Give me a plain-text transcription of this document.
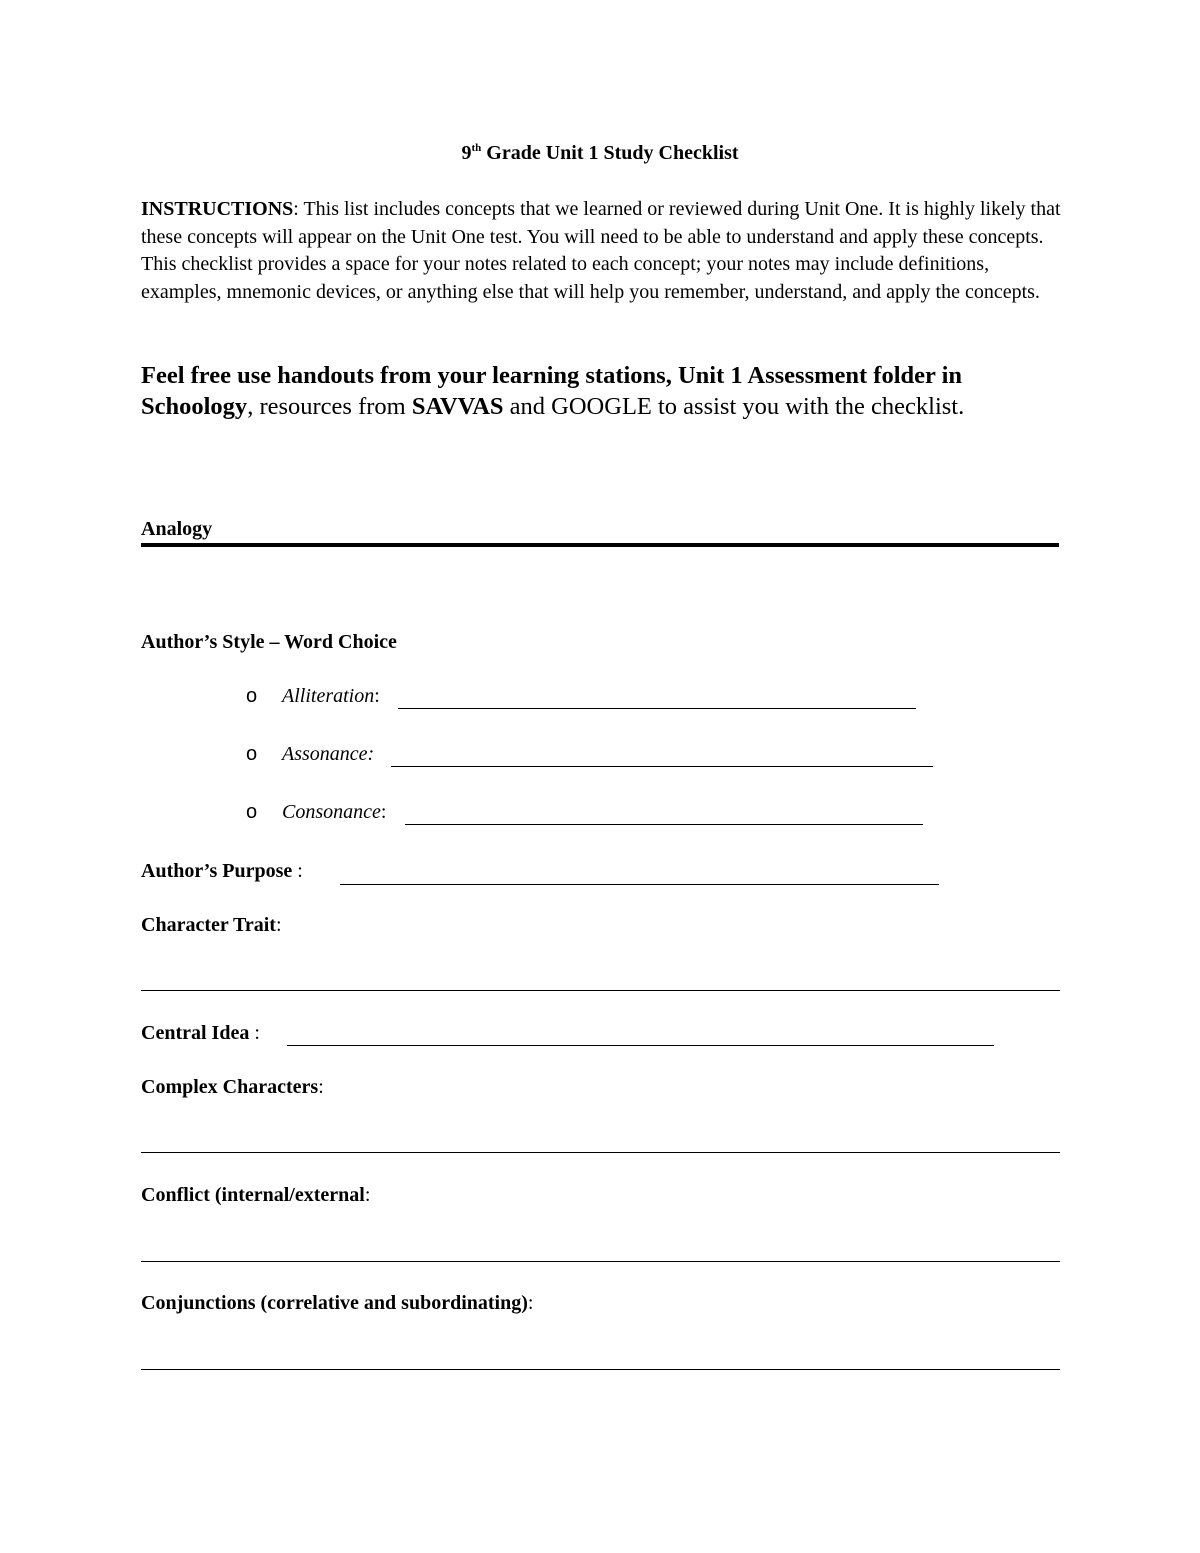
9th Grade Unit 1 Study Checklist
INSTRUCTIONS: This list includes concepts that we learned or reviewed during Unit One. It is highly likely that these concepts will appear on the Unit One test. You will need to be able to understand and apply these concepts. This checklist provides a space for your notes related to each concept; your notes may include definitions, examples, mnemonic devices, or anything else that will help you remember, understand, and apply the concepts.
Feel free use handouts from your learning stations, Unit 1 Assessment folder in Schoology, resources from SAVVAS and GOOGLE to assist you with the checklist.
Analogy
Author’s Style – Word Choice
o Alliteration:
o Assonance:
o Consonance:
Author’s Purpose :
Character Trait:
Central Idea :
Complex Characters:
Conflict (internal/external:
Conjunctions (correlative and subordinating):
